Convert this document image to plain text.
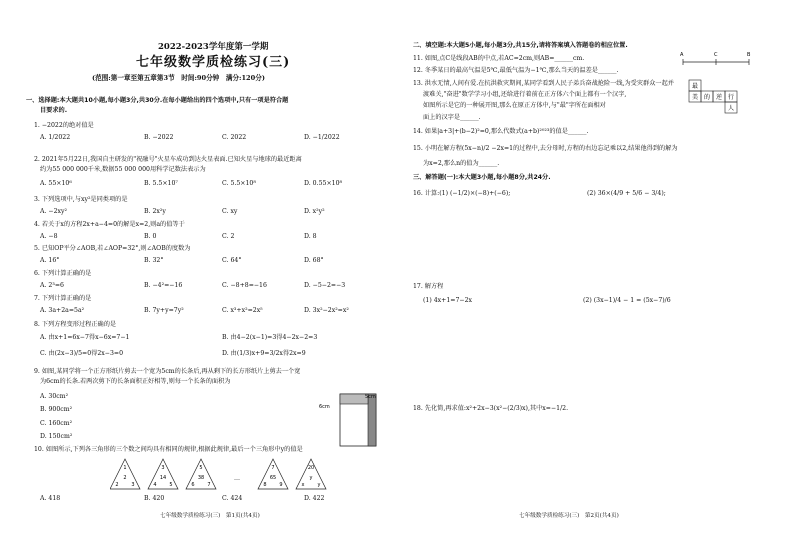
2022-2023学年度第一学期
七年级数学质检练习(三)
(范围:第一章至第五章第3节　时间:90分钟　满分:120分)
一、选择题:本大题共10小题,每小题3分,共30分.在每小题给出的四个选项中,只有一项是符合题
目要求的.
1. −2022的绝对值是
A. 1/2022	B. −2022	C. 2022	D. −1/2022
2. 2021年5月22日,我国自主研发的"祝融号"火星车成功到达火星表面.已知火星与地球的最近距离
约为55 000 000千米,数据55 000 000用科学记数法表示为
A. 55×10⁶	B. 5.5×10⁷	C. 5.5×10⁸	D. 0.55×10⁸
3. 下列选项中,与xy²是同类项的是
A. −2xy²	B. 2x²y	C. xy	D. x²y²
4. 若关于x的方程2x+a−4=0的解是x=2,则a的值等于
A. −8	B. 0	C. 2	D. 8
5. 已知OP平分∠AOB,若∠AOP=32°,则∠AOB的度数为
A. 16°	B. 32°	C. 64°	D. 68°
6. 下列计算正确的是
A. 2³=6	B. −4²=−16	C. −8+8=−16	D. −5−2=−3
7. 下列计算正确的是
A. 3a+2a=5a²	B. 7y+y=7y²	C. x³+x²=2x⁵	D. 3x²−2x²=x²
8. 下列方程变形过程正确的是
A. 由x+1=6x−7得x−6x=7−1	B. 由4−2(x−1)=3得4−2x−2=3
C. 由(2x−3)/5=0得2x−3=0	D. 由(1/3)x+9=3/2x得2x=9
9. 如图,某同学将一个正方形纸片剪去一个宽为5cm的长条后,再从剩下的长方形纸片上剪去一个宽
为6cm的长条.若两次剪下的长条面积正好相等,则每一个长条的面积为
A. 30cm²
B. 900cm²
C. 160cm²
D. 150cm²
5cm
6cm
10. 如图所示,下列各三角形的三个数之间均具有相同的规律,根据此规律,最后一个三角形中y的值是
1
2	3
2
3
4	5
14
5
6	7
38
7
8	9
65
20
x	y
y
…
A. 418	B. 420	C. 424	D. 422
七年级数学质检练习(三)　第1页(共4页)
二、填空题:本大题5小题,每小题3分,共15分,请将答案填入答题卷的相应位置.
11. 如图,点C是线段AB的中点,若AC=2cm,则AB=______cm.
12. 冬季某日的最高气温是5℃,最低气温为−1℃,那么当天的温差是______.
13. 洪水无情,人间有爱.在抗洪救灾期间,某同学看到人民子弟兵奋战抢险一线,为受灾群众一起并
渡难关,"奋进"数学学习小组,还给进行着前在正方体六个面上都有一个汉字,
如图所示是它的一种展开图,那么在原正方体中,与"最"字所在面相对
面上的汉字是______.
A	C	B
最
美 的 逆 行
人
14. 如果|a+3|+(b−2)²=0,那么代数式(a+b)²⁰²³的值是______.
15. 小明在解方程(5x−n)/2 −2x=1的过程中,去分母时,方程的右边忘记乘以2,结果他得到的解为
为x=2,那么n的值为______.
三、解答题(一):本大题3小题,每小题8分,共24分.
16. 计算:(1) (−1/2)×(−8)+(−6);	(2) 36×(4/9 + 5/6 − 3/4);
17. 解方程
(1) 4x+1=7−2x	(2) (3x−1)/4 − 1 = (5x−7)/6
18. 先化简,再求值:x²+2x−3(x²−(2/3)x),其中x=−1/2.
七年级数学质检练习(三)　第2页(共4页)
